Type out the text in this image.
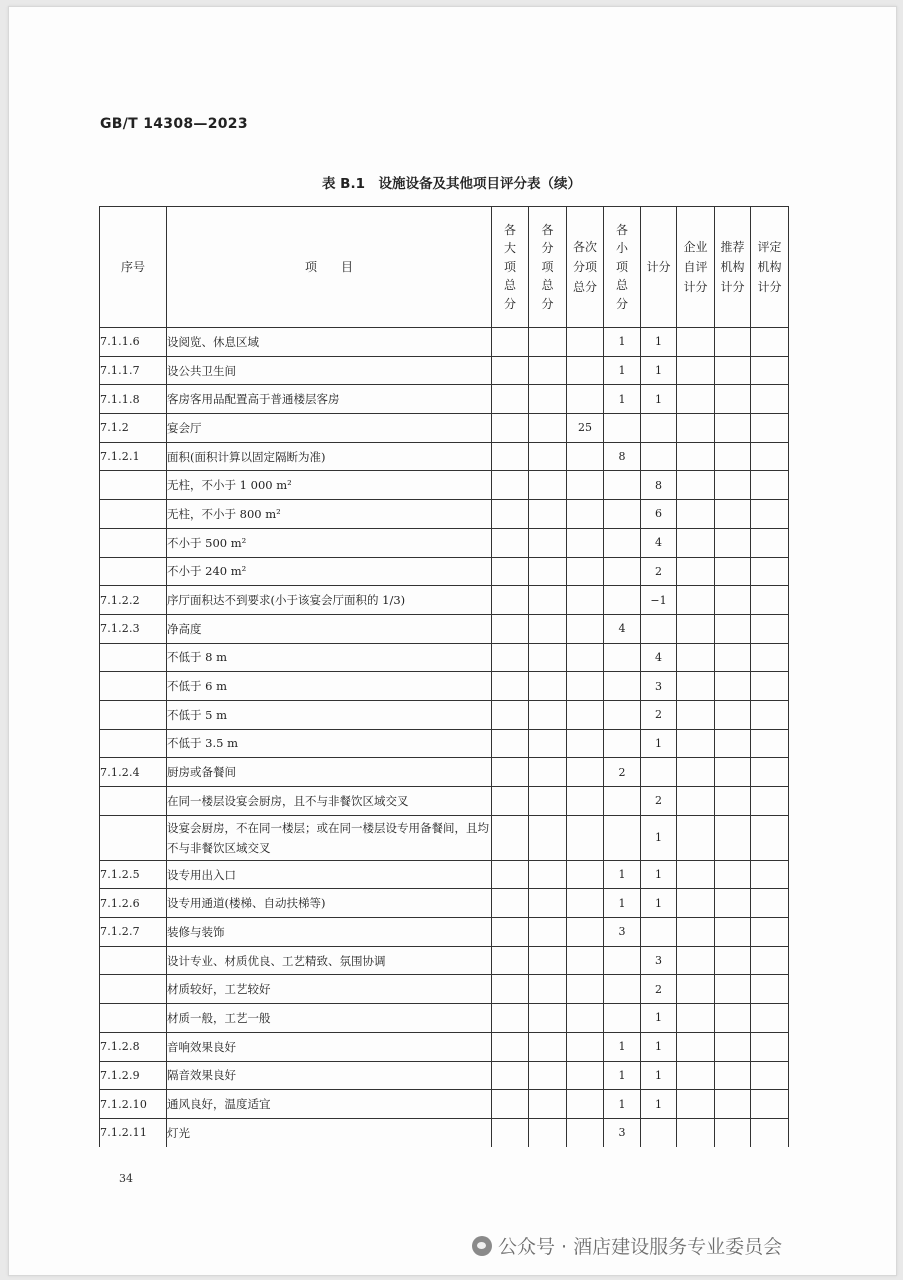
GB/T 14308—2023
表 B.1　设施设备及其他项目评分表（续）
序号	项　　目	各大项总分	各分项总分	各次分项总分	各小项总分	计分	企业自评计分	推荐机构计分	评定机构计分
7.1.1.6	设阅览、休息区域				1	1			
7.1.1.7	设公共卫生间				1	1			
7.1.1.8	客房客用品配置高于普通楼层客房				1	1			
7.1.2	宴会厅			25					
7.1.2.1	面积(面积计算以固定隔断为准)				8				
	无柱，不小于 1 000 m²					8			
	无柱，不小于 800 m²					6			
	不小于 500 m²					4			
	不小于 240 m²					2			
7.1.2.2	序厅面积达不到要求(小于该宴会厅面积的 1/3)					−1			
7.1.2.3	净高度				4				
	不低于 8 m					4			
	不低于 6 m					3			
	不低于 5 m					2			
	不低于 3.5 m					1			
7.1.2.4	厨房或备餐间				2				
	在同一楼层设宴会厨房，且不与非餐饮区域交叉					2			
	设宴会厨房，不在同一楼层；或在同一楼层设专用备餐间，且均不与非餐饮区域交叉					1			
7.1.2.5	设专用出入口				1	1			
7.1.2.6	设专用通道(楼梯、自动扶梯等)				1	1			
7.1.2.7	装修与装饰				3				
	设计专业、材质优良、工艺精致、氛围协调					3			
	材质较好，工艺较好					2			
	材质一般，工艺一般					1			
7.1.2.8	音响效果良好				1	1			
7.1.2.9	隔音效果良好				1	1			
7.1.2.10	通风良好，温度适宜				1	1			
7.1.2.11	灯光				3				
34
公众号 · 酒店建设服务专业委员会
